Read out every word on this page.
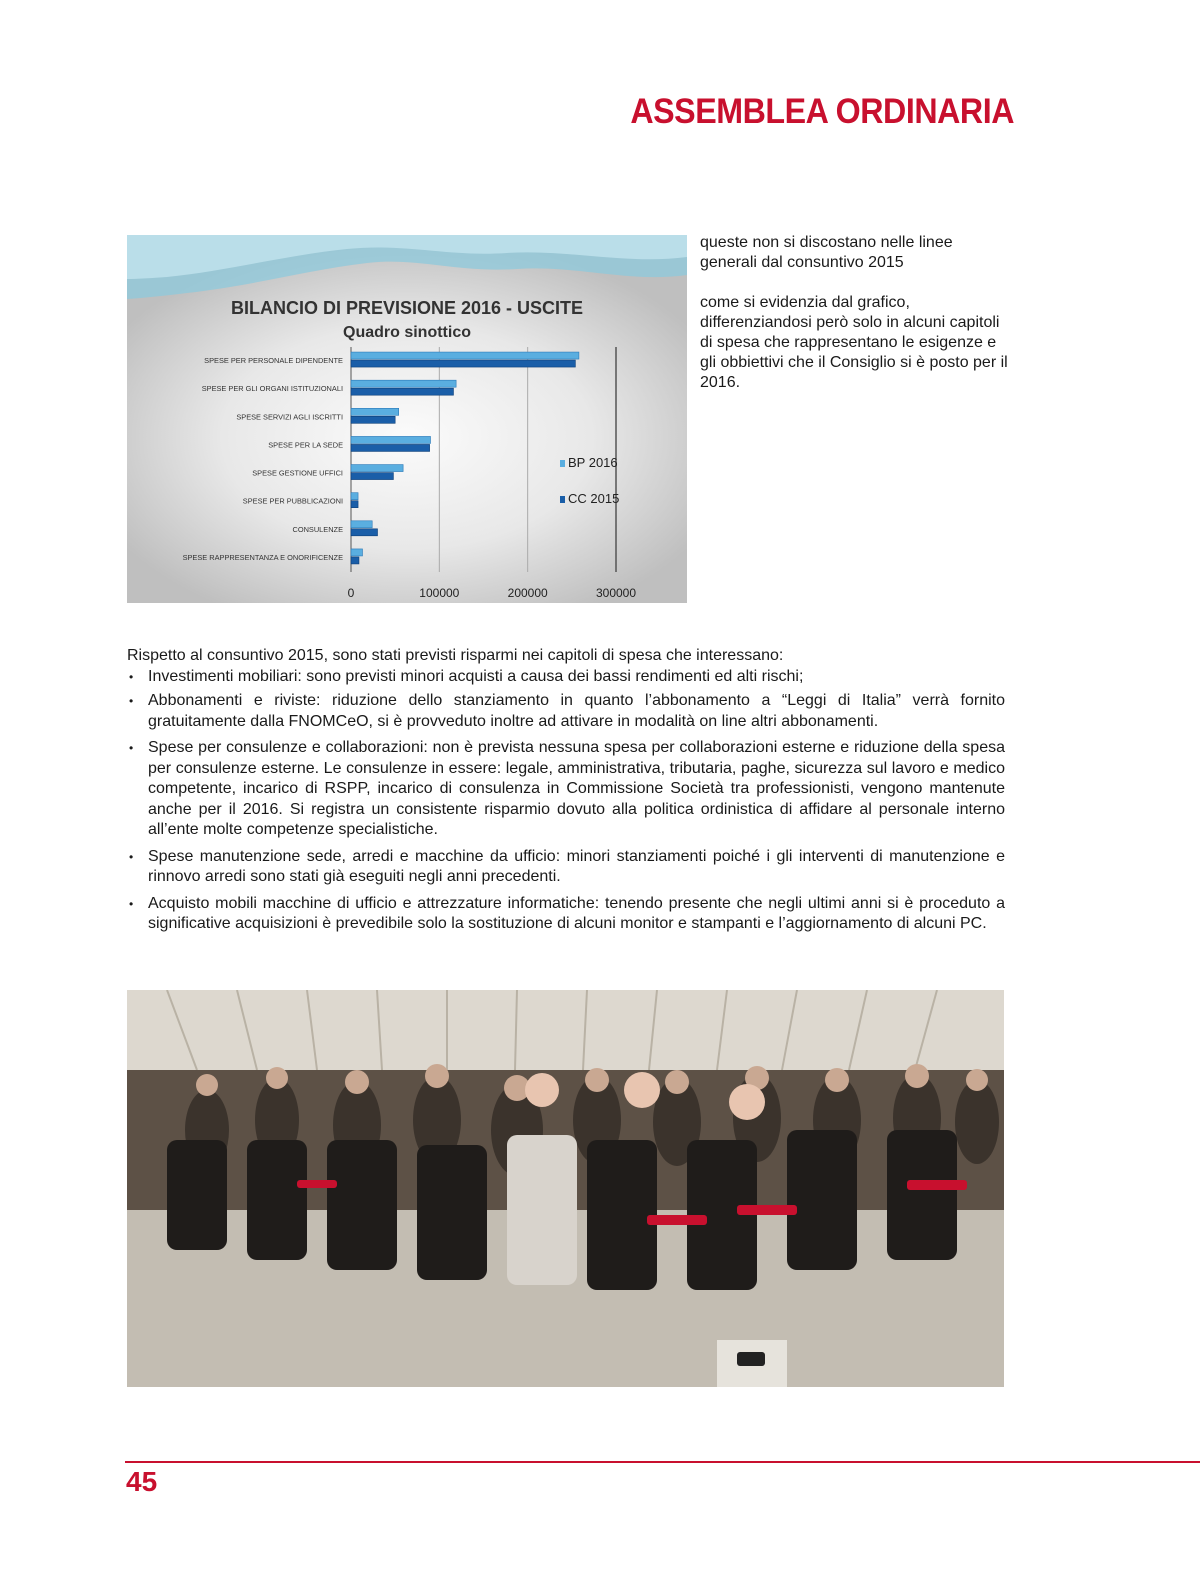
ASSEMBLEA ORDINARIA
BILANCIO DI PREVISIONE 2016 - USCITE
Quadro sinottico
0	100000	200000	300000
SPESE PER PERSONALE DIPENDENTE
SPESE PER GLI ORGANI ISTITUZIONALI
SPESE SERVIZI AGLI ISCRITTI
SPESE PER LA SEDE
SPESE GESTIONE UFFICI
SPESE PER PUBBLICAZIONI
CONSULENZE
SPESE RAPPRESENTANZA E ONORIFICENZE
BP 2016
CC 2015

queste non si discostano nelle linee generali dal consuntivo 2015

come si evidenzia dal grafico, differenziandosi però solo in alcuni capitoli di spesa che rappresentano le esigenze e gli obbiettivi che il Consiglio si è posto per il 2016.

Rispetto al consuntivo 2015, sono stati previsti risparmi nei capitoli di spesa che interessano:

• Investimenti mobiliari: sono previsti minori acquisti a causa dei bassi rendimenti ed alti rischi;
• Abbonamenti e riviste: riduzione dello stanziamento in quanto l’abbonamento a “Leggi di Italia” verrà fornito gratuitamente dalla FNOMCeO, si è provveduto inoltre ad attivare in modalità on line altri abbonamenti.
• Spese per consulenze e collaborazioni: non è prevista nessuna spesa per collaborazioni esterne e riduzione della spesa per consulenze esterne. Le consulenze in essere: legale, amministrativa, tributaria, paghe, sicurezza sul lavoro e medico competente, incarico di RSPP, incarico di consulenza in Commissione Società tra professionisti, vengono mantenute anche per il 2016. Si registra un consistente risparmio dovuto alla politica ordinistica di affidare al personale interno all’ente molte competenze specialistiche.
• Spese manutenzione sede, arredi e macchine da ufficio: minori stanziamenti poiché i gli interventi di manutenzione e rinnovo arredi sono stati già eseguiti negli anni precedenti.
• Acquisto mobili macchine di ufficio e attrezzature informatiche: tenendo presente che negli ultimi anni si è proceduto a significative acquisizioni è prevedibile solo la sostituzione di alcuni monitor e stampanti e l’aggiornamento di alcuni PC.
45
